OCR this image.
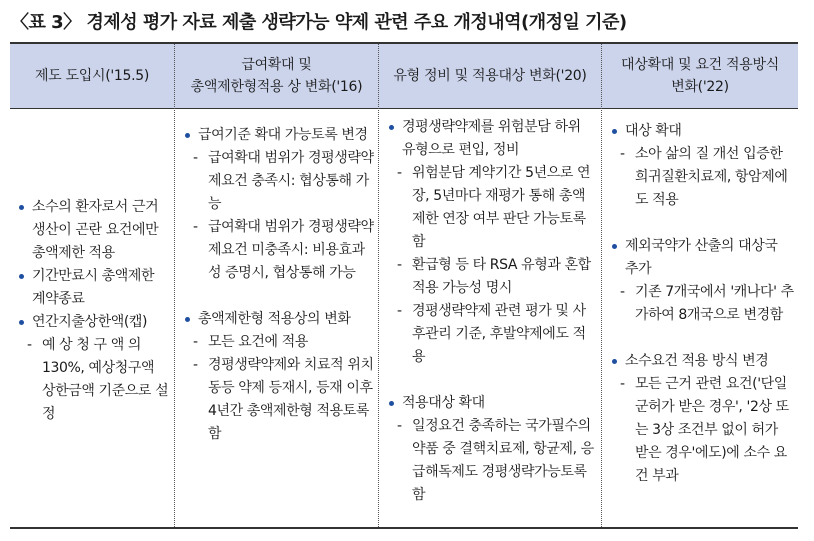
〈표 3〉 경제성 평가 자료 제출 생략가능 약제 관련 주요 개정내역(개정일 기준)
제도 도입시('15.5)
급여확대 및
총액제한형적용 상 변화('16)
유형 정비 및 적용대상 변화('20)
대상확대 및 요건 적용방식
변화('22)
소수의 환자로서 근거생산이 곤란 요건에만 총액제한 적용
기간만료시 총액제한 계약종료
연간지출상한액(캡)
- 예 상 청 구 액 의 130%, 예상청구액 상한금액 기준으로 설정
급여기준 확대 가능토록 변경
- 급여확대 범위가 경평생략약제요건 충족시: 협상통해 가능
- 급여확대 범위가 경평생략약제요건 미충족시: 비용효과성 증명시, 협상통해 가능
총액제한형 적용상의 변화
- 모든 요건에 적용
- 경평생략약제와 치료적 위치 동등 약제 등재시, 등재 이후 4년간 총액제한형 적용토록 함
경평생략약제를 위험분담 하위 유형으로 편입, 정비
- 위험분담 계약기간 5년으로 연장, 5년마다 재평가 통해 총액제한 연장 여부 판단 가능토록 함
- 환급형 등 타 RSA 유형과 혼합 적용 가능성 명시
- 경평생략약제 관련 평가 및 사후관리 기준, 후발약제에도 적용
적용대상 확대
- 일정요건 충족하는 국가필수의약품 중 결핵치료제, 항균제, 응급해독제도 경평생략가능토록 함
대상 확대
- 소아 삶의 질 개선 입증한 희귀질환치료제, 항암제에도 적용
제외국약가 산출의 대상국 추가
- 기존 7개국에서 '캐나다' 추가하여 8개국으로 변경함
소수요건 적용 방식 변경
- 모든 근거 관련 요건('단일군허가 받은 경우', '2상 또는 3상 조건부 없이 허가 받은 경우'에도)에 소수 요건 부과
